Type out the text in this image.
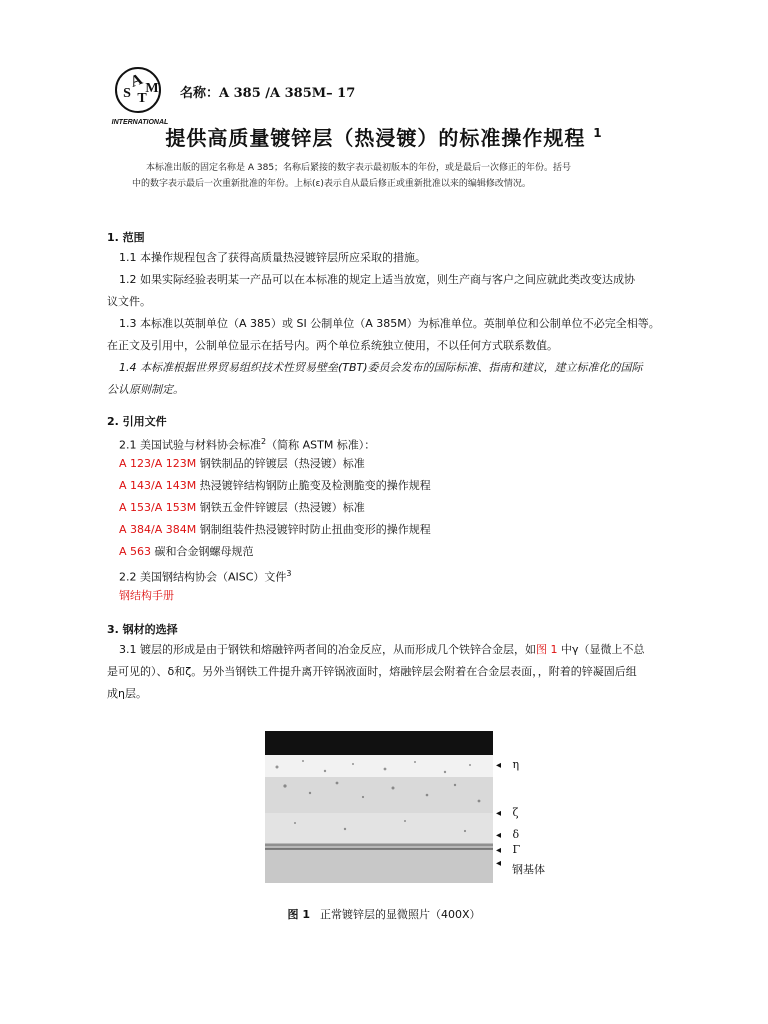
A
S T
M
INTERNATIONAL
名称：A 385 /A 385M– 17
提供高质量镀锌层（热浸镀）的标准操作规程 $^1$
本标准出版的固定名称是 A 385；名称后紧接的数字表示最初版本的年份，或是最后一次修正的年份。括号
中的数字表示最后一次重新批准的年份。上标(ε)表示自从最后修正或重新批准以来的编辑修改情况。
1. 范围
1.1 本操作规程包含了获得高质量热浸镀锌层所应采取的措施。
1.2 如果实际经验表明某一产品可以在本标准的规定上适当放宽，则生产商与客户之间应就此类改变达成协
议文件。
1.3 本标准以英制单位（A 385）或 SI 公制单位（A 385M）为标准单位。英制单位和公制单位不必完全相等。
在正文及引用中，公制单位显示在括号内。两个单位系统独立使用，不以任何方式联系数值。
1.4 本标准根据世界贸易组织技术性贸易壁垒(TBT)委员会发布的国际标准、指南和建议，建立标准化的国际
公认原则制定。
2. 引用文件
2.1 美国试验与材料协会标准$^2$（简称 ASTM 标准）：
A 123/A 123M 钢铁制品的锌镀层（热浸镀）标准
A 143/A 143M 热浸镀锌结构钢防止脆变及检测脆变的操作规程
A 153/A 153M 钢铁五金件锌镀层（热浸镀）标准
A 384/A 384M 钢制组装件热浸镀锌时防止扭曲变形的操作规程
A 563 碳和合金钢螺母规范
2.2 美国钢结构协会（AISC）文件$^3$
钢结构手册
3. 钢材的选择
3.1 镀层的形成是由于钢铁和熔融锌两者间的冶金反应，从而形成几个铁锌合金层，如图 1 中γ（显微上不总
是可见的）、δ和ζ。另外当钢铁工件提升离开锌锅液面时，熔融锌层会附着在合金层表面，，附着的锌凝固后组
成η层。
◂ η
◂ ζ
◂ δ
◂ Γ
◂ 钢基体
图 1 正常镀锌层的显微照片（400X）
